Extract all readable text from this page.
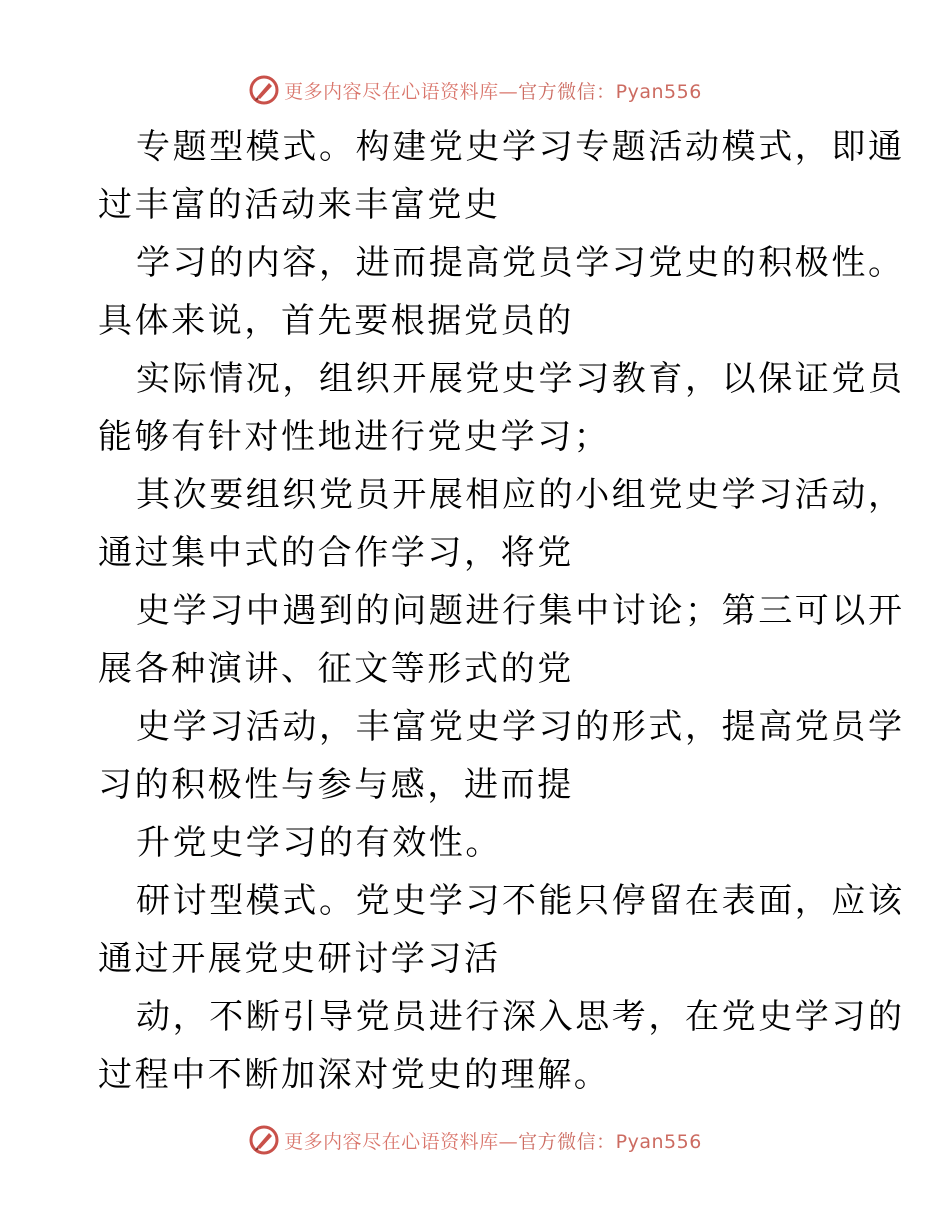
更多内容尽在心语资料库—官方微信：Pyan556
专题型模式。构建党史学习专题活动模式，即通
过丰富的活动来丰富党史
学习的内容，进而提高党员学习党史的积极性。
具体来说，首先要根据党员的
实际情况，组织开展党史学习教育，以保证党员
能够有针对性地进行党史学习；
其次要组织党员开展相应的小组党史学习活动，
通过集中式的合作学习，将党
史学习中遇到的问题进行集中讨论；第三可以开
展各种演讲、征文等形式的党
史学习活动，丰富党史学习的形式，提高党员学
习的积极性与参与感，进而提
升党史学习的有效性。
研讨型模式。党史学习不能只停留在表面，应该
通过开展党史研讨学习活
动，不断引导党员进行深入思考，在党史学习的
过程中不断加深对党史的理解。
更多内容尽在心语资料库—官方微信：Pyan556
